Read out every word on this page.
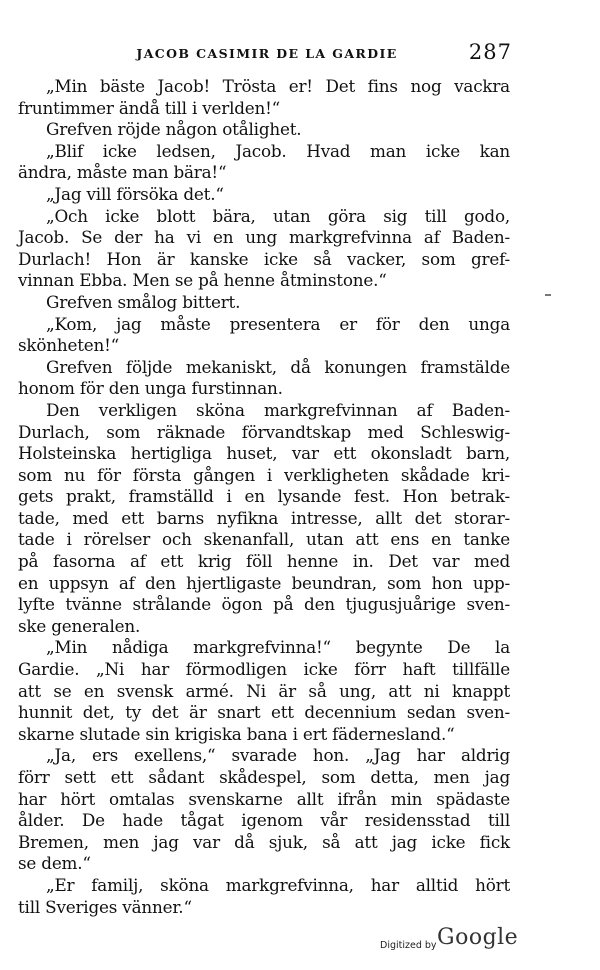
JACOB CASIMIR DE LA GARDIE	287
„Min bäste Jacob! Trösta er! Det fins nog vackra
fruntimmer ändå till i verlden!“
Grefven röjde någon otålighet.
„Blif icke ledsen, Jacob. Hvad man icke kan
ändra, måste man bära!“
„Jag vill försöka det.“
„Och icke blott bära, utan göra sig till godo,
Jacob. Se der ha vi en ung markgrefvinna af Baden-
Durlach! Hon är kanske icke så vacker, som gref-
vinnan Ebba. Men se på henne åtminstone.“
Grefven smålog bittert.
„Kom, jag måste presentera er för den unga
skönheten!“
Grefven följde mekaniskt, då konungen framstälde
honom för den unga furstinnan.
Den verkligen sköna markgrefvinnan af Baden-
Durlach, som räknade förvandtskap med Schleswig-
Holsteinska hertigliga huset, var ett okonsladt barn,
som nu för första gången i verkligheten skådade kri-
gets prakt, framställd i en lysande fest. Hon betrak-
tade, med ett barns nyfikna intresse, allt det storar-
tade i rörelser och skenanfall, utan att ens en tanke
på fasorna af ett krig föll henne in. Det var med
en uppsyn af den hjertligaste beundran, som hon upp-
lyfte tvänne strålande ögon på den tjugusjuårige sven-
ske generalen.
„Min nådiga markgrefvinna!“ begynte De la
Gardie. „Ni har förmodligen icke förr haft tillfälle
att se en svensk armé. Ni är så ung, att ni knappt
hunnit det, ty det är snart ett decennium sedan sven-
skarne slutade sin krigiska bana i ert fädernesland.“
„Ja, ers exellens,“ svarade hon. „Jag har aldrig
förr sett ett sådant skådespel, som detta, men jag
har hört omtalas svenskarne allt ifrån min spädaste
ålder. De hade tågat igenom vår residensstad till
Bremen, men jag var då sjuk, så att jag icke fick
se dem.“
„Er familj, sköna markgrefvinna, har alltid hört
till Sveriges vänner.“
Digitized by Google
